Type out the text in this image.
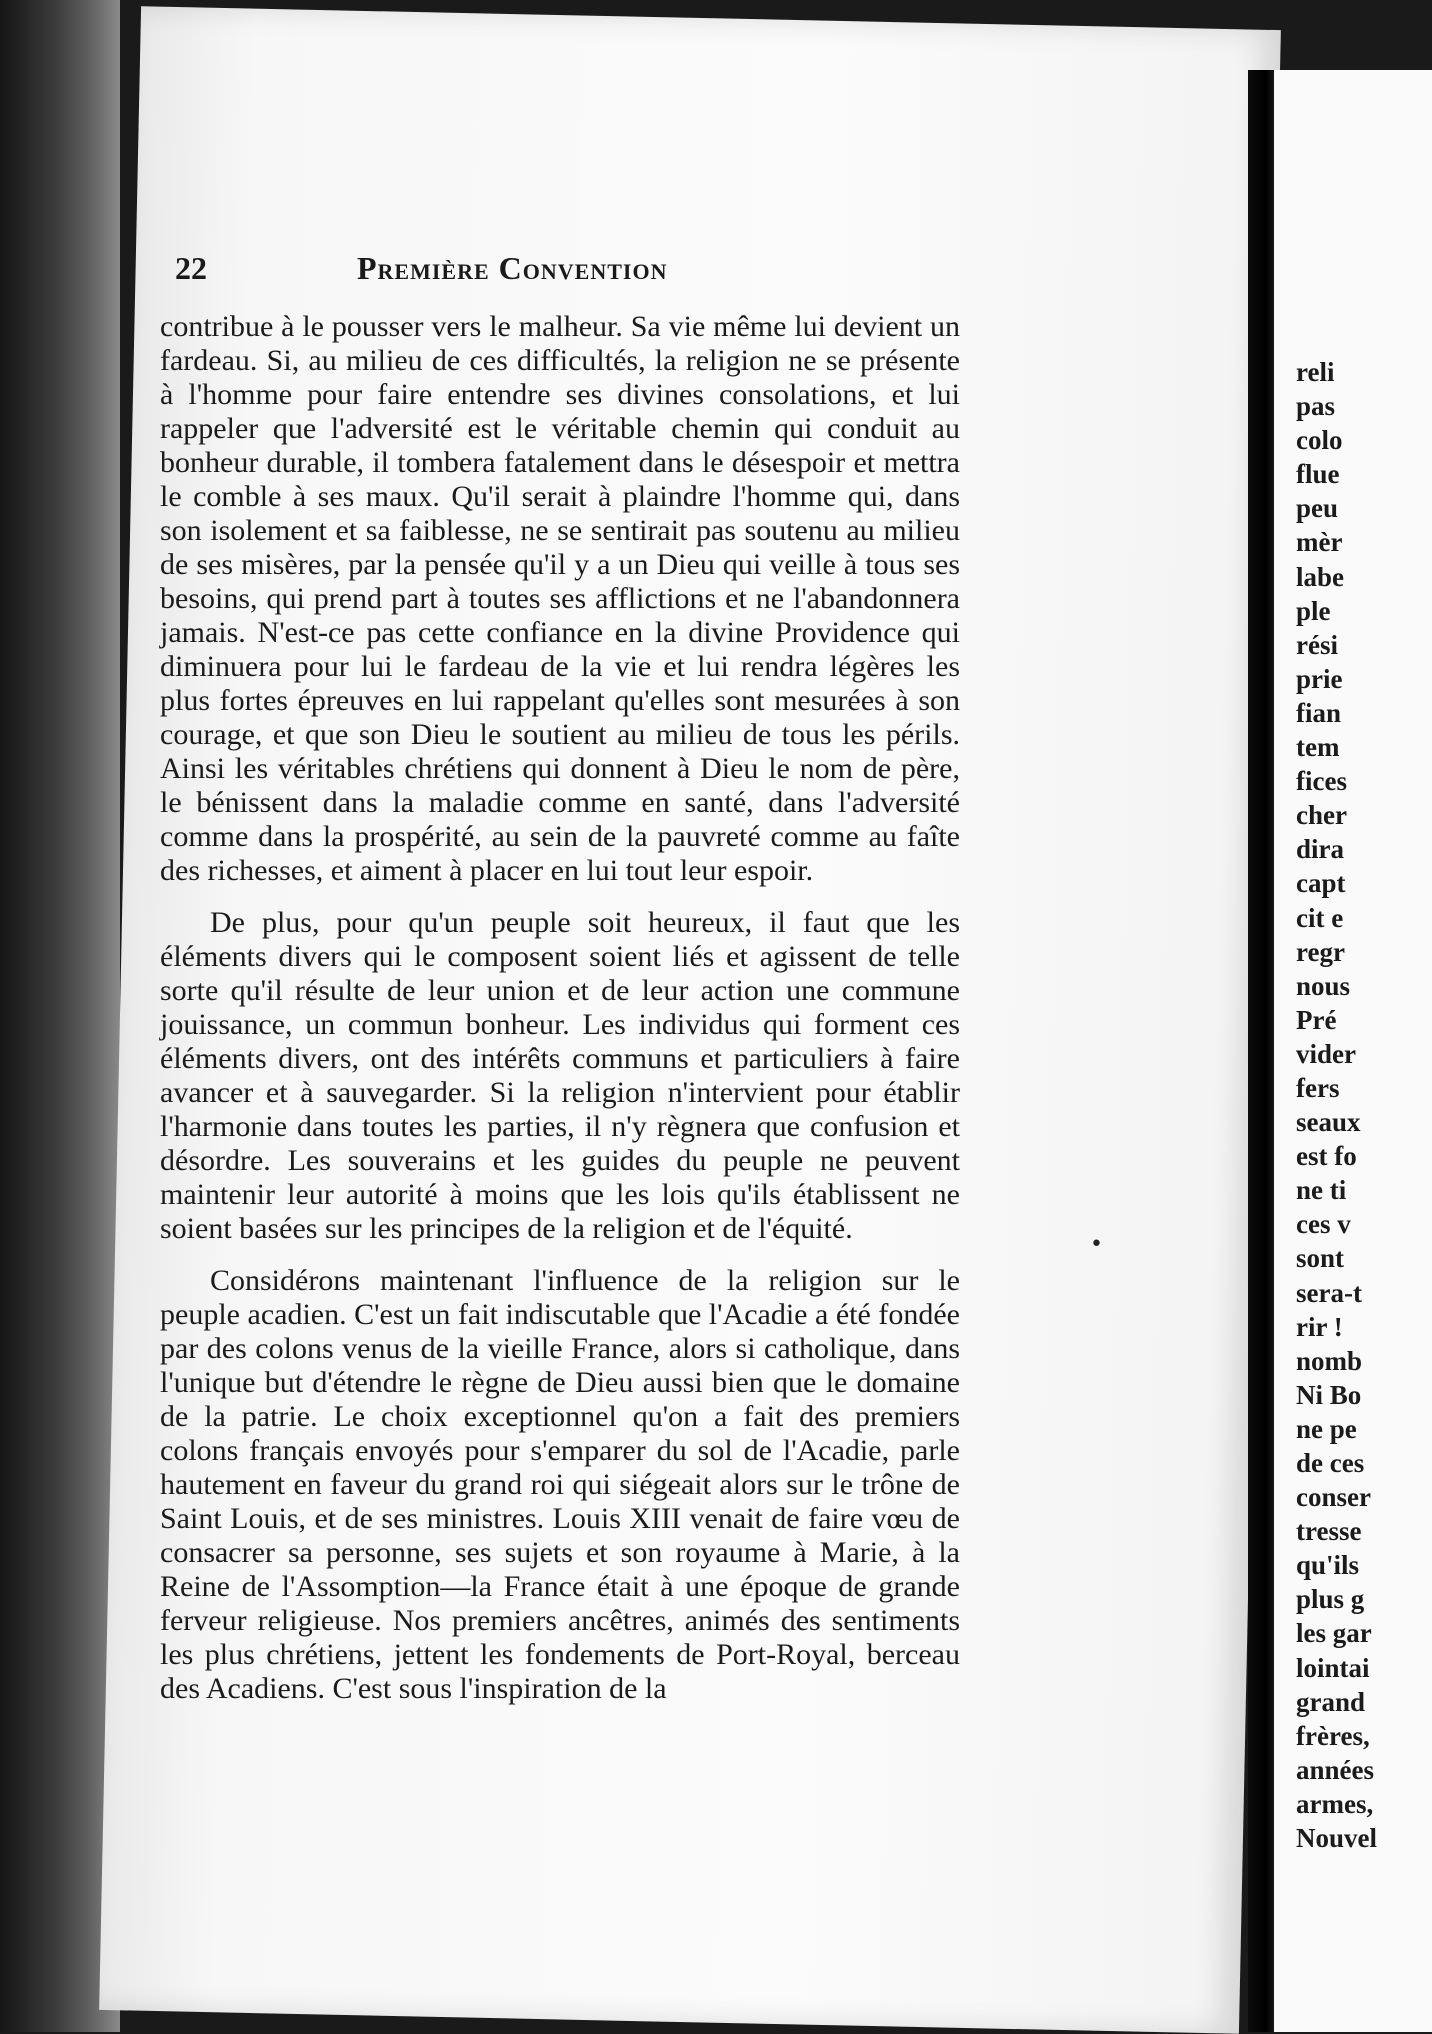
reli
pas
colo
flue
peu
mèr
labe
ple
rési
prie
fian
tem
fices
cher
dira
capt
cit e
regr
nous
Pré
vider
fers
seaux
est fo
ne ti
ces v
sont
sera-t
rir !
nomb
Ni Bo
ne pe
de ces
conser
tresse
qu'ils
plus g
les gar
lointai
grand
frères,
années
armes,
Nouvel
22	Première Convention

contribue à le pousser vers le malheur. Sa vie même lui devient un fardeau. Si, au milieu de ces difficultés, la religion ne se présente à l'homme pour faire entendre ses divines consolations, et lui rappeler que l'adversité est le véritable chemin qui conduit au bonheur durable, il tombera fatalement dans le désespoir et mettra le comble à ses maux. Qu'il serait à plaindre l'homme qui, dans son isolement et sa faiblesse, ne se sentirait pas soutenu au milieu de ses misères, par la pensée qu'il y a un Dieu qui veille à tous ses besoins, qui prend part à toutes ses afflictions et ne l'abandonnera jamais. N'est-ce pas cette confiance en la divine Providence qui diminuera pour lui le fardeau de la vie et lui rendra légères les plus fortes épreuves en lui rappelant qu'elles sont mesurées à son courage, et que son Dieu le soutient au milieu de tous les périls. Ainsi les véritables chrétiens qui donnent à Dieu le nom de père, le bénissent dans la maladie comme en santé, dans l'adversité comme dans la prospérité, au sein de la pauvreté comme au faîte des richesses, et aiment à placer en lui tout leur espoir.

De plus, pour qu'un peuple soit heureux, il faut que les éléments divers qui le composent soient liés et agissent de telle sorte qu'il résulte de leur union et de leur action une commune jouissance, un commun bonheur. Les individus qui forment ces éléments divers, ont des intérêts communs et particuliers à faire avancer et à sauvegarder. Si la religion n'intervient pour établir l'harmonie dans toutes les parties, il n'y règnera que confusion et désordre. Les souverains et les guides du peuple ne peuvent maintenir leur autorité à moins que les lois qu'ils établissent ne soient basées sur les principes de la religion et de l'équité.

Considérons maintenant l'influence de la religion sur le peuple acadien. C'est un fait indiscutable que l'Acadie a été fondée par des colons venus de la vieille France, alors si catholique, dans l'unique but d'étendre le règne de Dieu aussi bien que le domaine de la patrie. Le choix exceptionnel qu'on a fait des premiers colons français envoyés pour s'emparer du sol de l'Acadie, parle hautement en faveur du grand roi qui siégeait alors sur le trône de Saint Louis, et de ses ministres. Louis XIII venait de faire vœu de consacrer sa personne, ses sujets et son royaume à Marie, à la Reine de l'Assomption—la France était à une époque de grande ferveur religieuse. Nos premiers ancêtres, animés des sentiments les plus chrétiens, jettent les fondements de Port-Royal, berceau des Acadiens. C'est sous l'inspiration de la

•
